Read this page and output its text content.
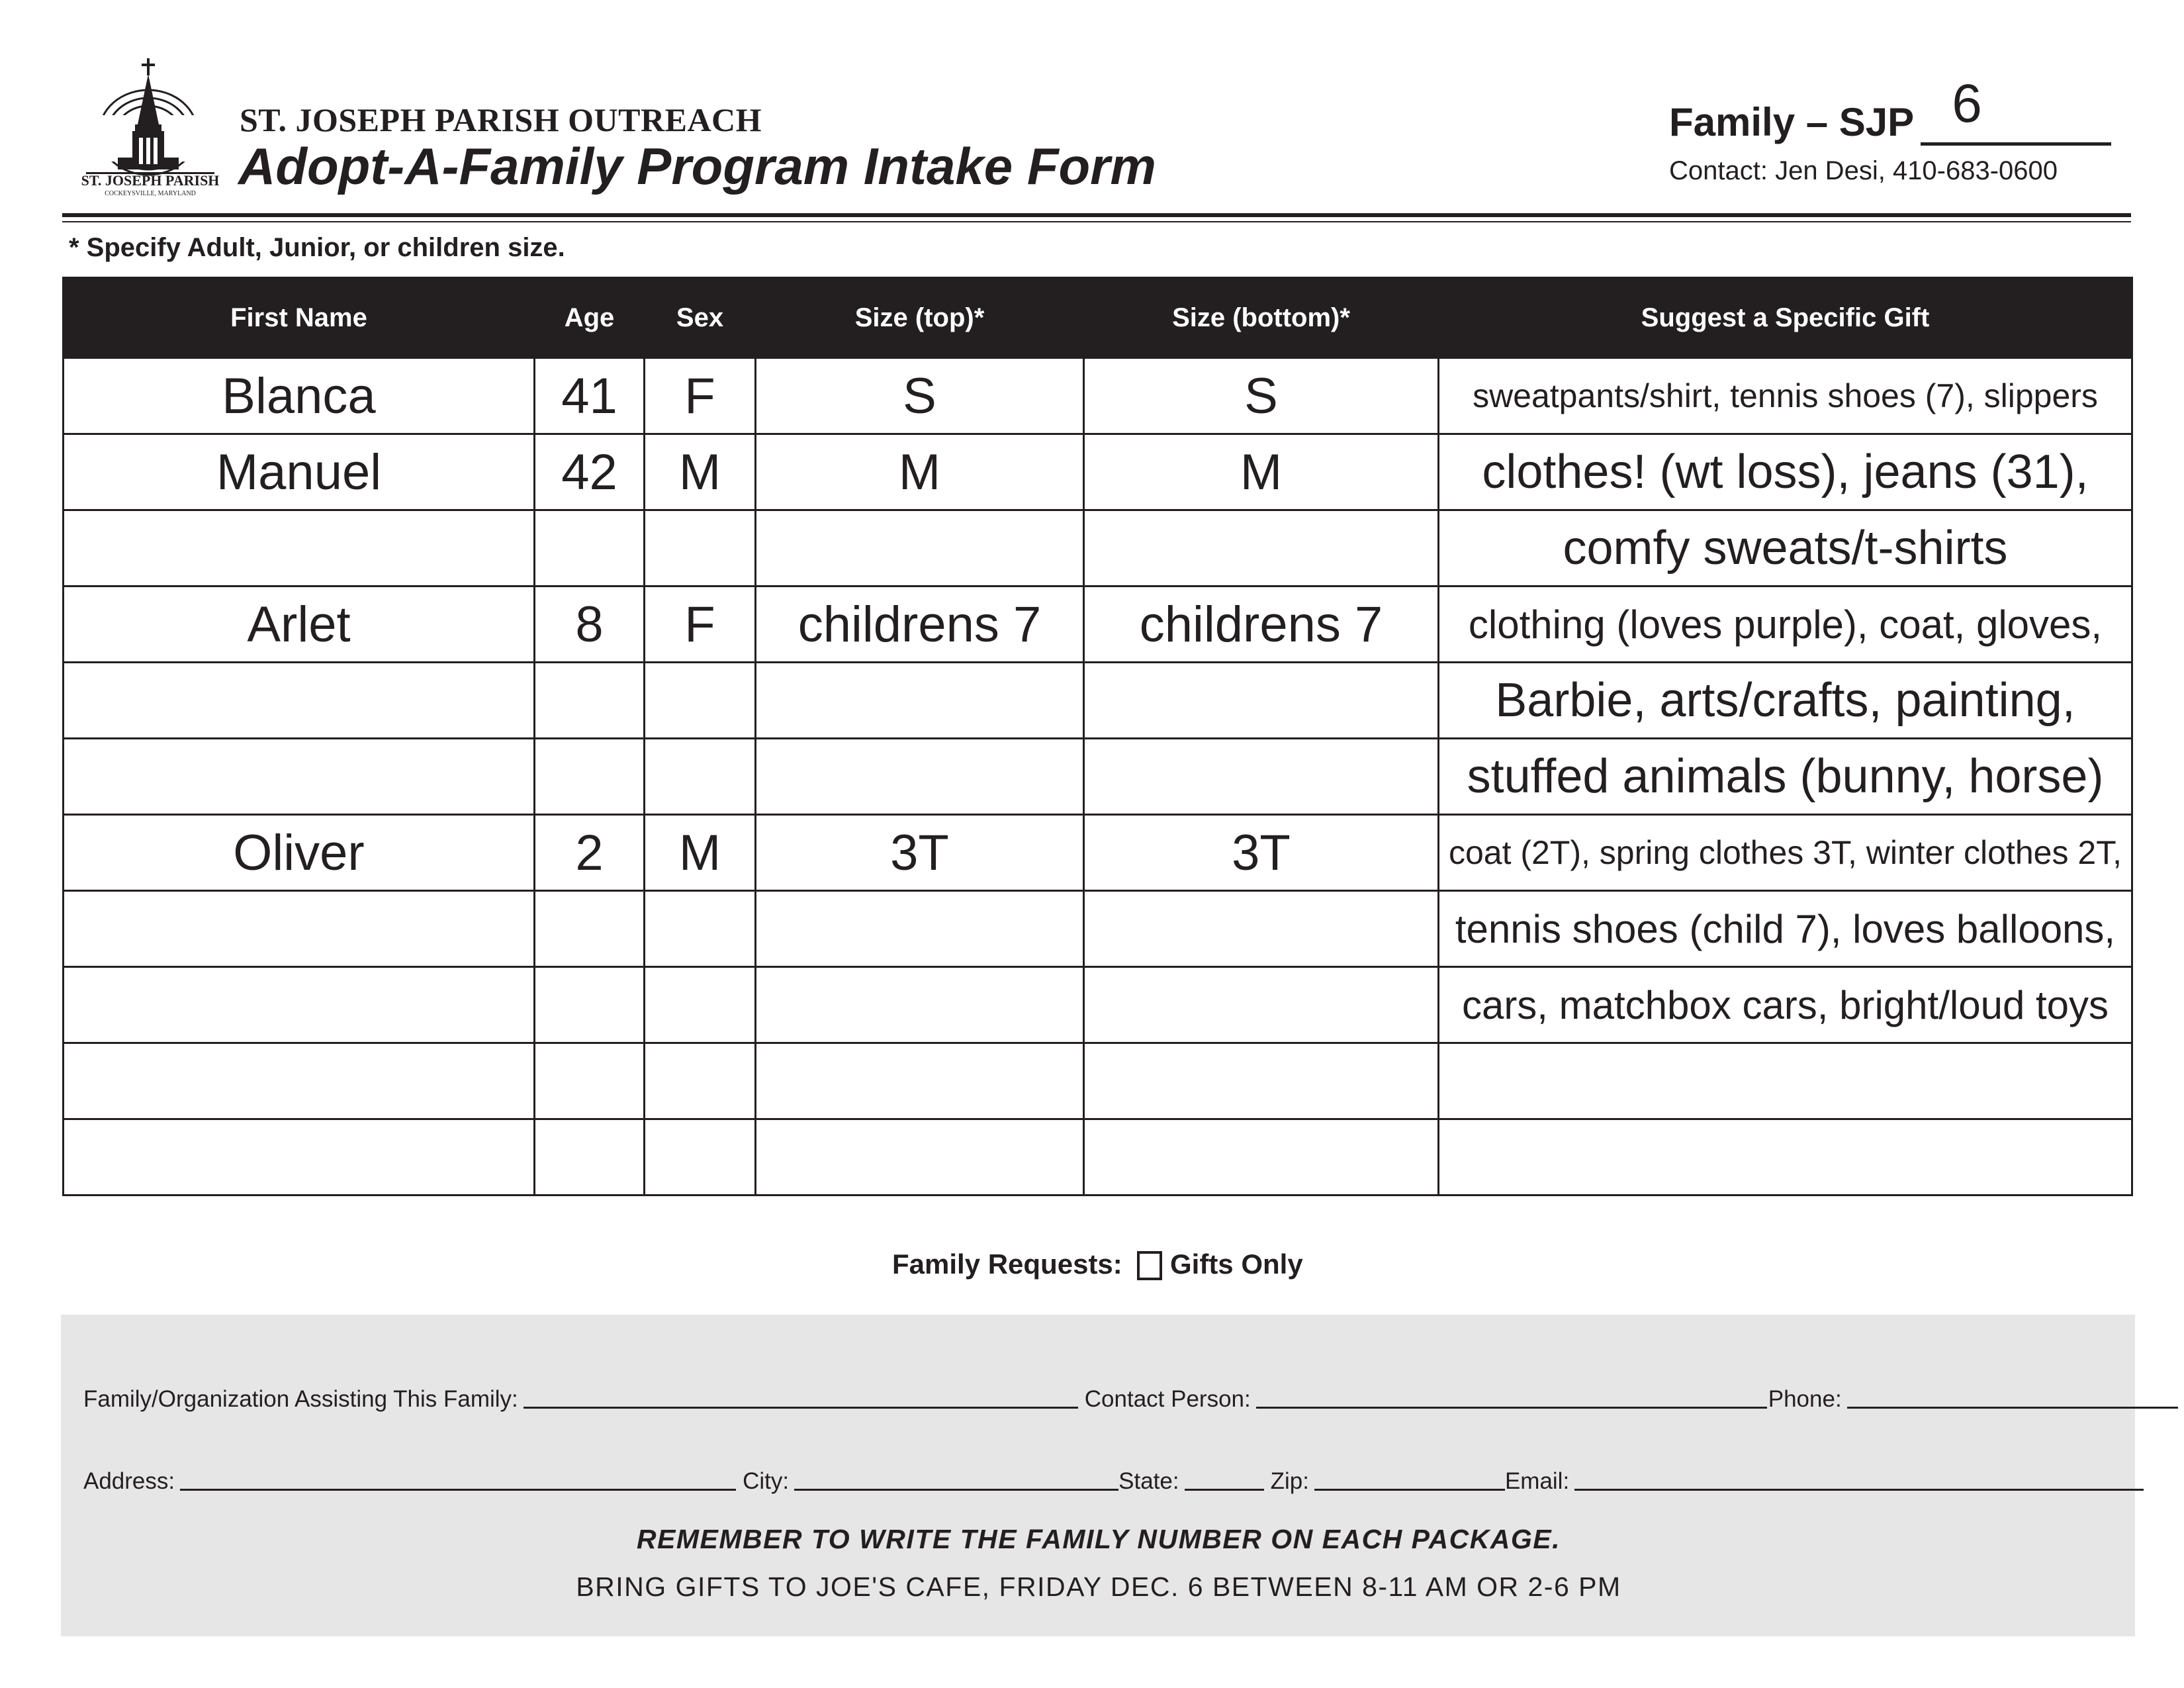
ST. JOSEPH PARISH
COCKEYSVILLE, MARYLAND
ST. JOSEPH PARISH OUTREACH
Adopt-A-Family Program Intake Form
Family – SJP 6
Contact: Jen Desi, 410-683-0600
* Specify Adult, Junior, or children size.
First Name	Age	Sex	Size (top)*	Size (bottom)*	Suggest a Specific Gift
Blanca	41	F	S	S	sweatpants/shirt, tennis shoes (7), slippers
Manuel	42	M	M	M	clothes! (wt loss), jeans (31),
					comfy sweats/t-shirts
Arlet	8	F	childrens 7	childrens 7	clothing (loves purple), coat, gloves,
					Barbie, arts/crafts, painting,
					stuffed animals (bunny, horse)
Oliver	2	M	3T	3T	coat (2T), spring clothes 3T, winter clothes 2T,
					tennis shoes (child 7), loves balloons,
					cars, matchbox cars, bright/loud toys

Family Requests: Gifts Only
Family/Organization Assisting This Family:	Contact Person:	Phone:
Address:	City:	State:	Zip:	Email:
REMEMBER TO WRITE THE FAMILY NUMBER ON EACH PACKAGE.
BRING GIFTS TO JOE'S CAFE, FRIDAY DEC. 6 BETWEEN 8-11 AM OR 2-6 PM
